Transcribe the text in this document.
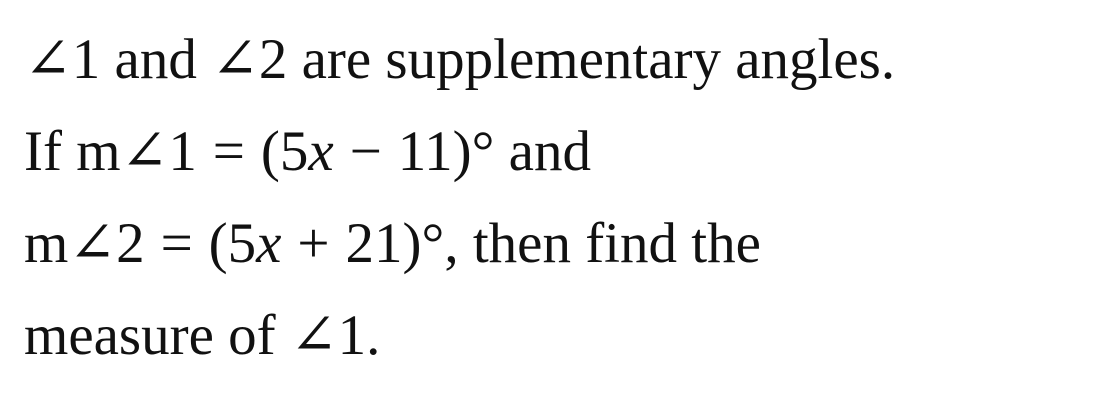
∠1 and ∠2 are supplementary angles.
If m∠1 = (5x − 11)° and
m∠2 = (5x + 21)°, then find the
measure of ∠1.
